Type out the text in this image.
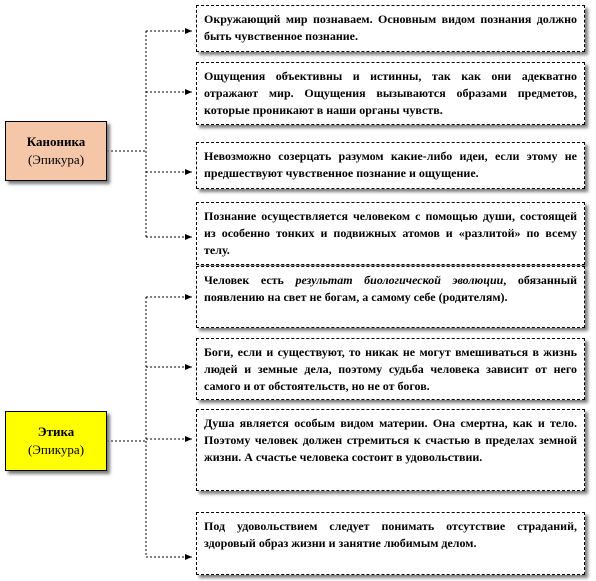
Каноника
(Эпикура)
Этика
(Эпикура)
Окружающий мир познаваем. Основным видом познания должно быть чувственное познание.
Ощущения объективны и истинны, так как они адекватно отражают мир. Ощущения вызываются образами предметов, которые проникают в наши органы чувств.
Невозможно созерцать разумом какие-либо идеи, если этому не предшествуют чувственное познание и ощущение.
Познание осуществляется человеком с помощью души, состоящей из особенно тонких и подвижных атомов и «разлитой» по всему телу.
Человек есть результат биологической эволюции, обязанный появлению на свет не богам, а самому себе (родителям).
Боги, если и существуют, то никак не могут вмешиваться в жизнь людей и земные дела, поэтому судьба человека зависит от него самого и от обстоятельств, но не от богов.
Душа является особым видом материи. Она смертна, как и тело. Поэтому человек должен стремиться к счастью в пределах земной жизни. А счастье человека состоит в удовольствии.
Под удовольствием следует понимать отсутствие страданий, здоровый образ жизни и занятие любимым делом.
